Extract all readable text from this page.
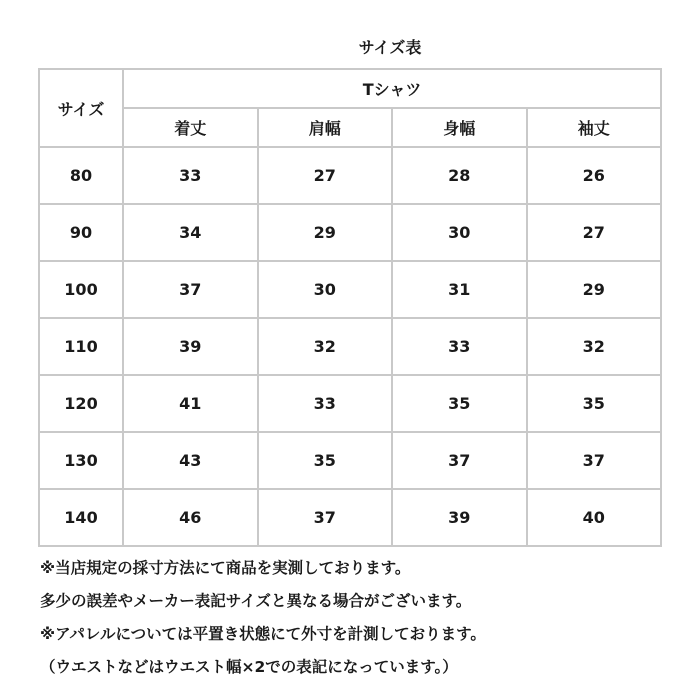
サイズ表
サイズ	Tシャツ			
	着丈	肩幅	身幅	袖丈
80	33	27	28	26
90	34	29	30	27
100	37	30	31	29
110	39	32	33	32
120	41	33	35	35
130	43	35	37	37
140	46	37	39	40
※当店規定の採寸方法にて商品を実測しております。
多少の誤差やメーカー表記サイズと異なる場合がございます。
※アパレルについては平置き状態にて外寸を計測しております。
（ウエストなどはウエスト幅×2での表記になっています。）
